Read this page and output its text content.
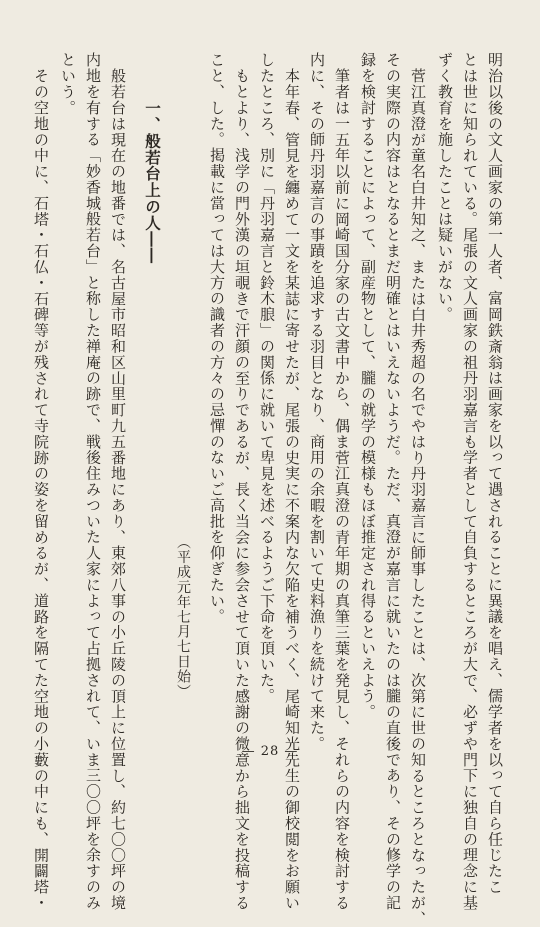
明治以後の文人画家の第一人者、富岡鉄斎翁は画家を以って遇されることに異議を唱え、儒学者を以って自ら任じたこ
とは世に知られている。尾張の文人画家の祖丹羽嘉言も学者として自負するところが大で、必ずや門下に独自の理念に基
ずく教育を施したことは疑いがない。
菅江真澄が童名白井知之、または白井秀超の名でやはり丹羽嘉言に師事したことは、次第に世の知るところとなったが、
その実際の内容はとなるとまだ明確とはいえないようだ。ただ、真澄が嘉言に就いたのは朧の直後であり、その修学の記
録を検討することによって、副産物として、朧の就学の模様もほぼ推定され得るといえよう。
筆者は一五年以前に岡崎国分家の古文書中から、偶ま菅江真澄の青年期の真筆三葉を発見し、それらの内容を検討する
内に、その師丹羽嘉言の事蹟を追求する羽目となり、商用の余暇を割いて史料漁りを続けて来た。
本年春、管見を纏めて一文を某誌に寄せたが、尾張の史実に不案内な欠陥を補うべく、尾崎知光先生の御校閲をお願い
したところ、別に「丹羽嘉言と鈴木朖」の関係に就いて卑見を述べるようご下命を頂いた。
もとより、浅学の門外漢の垣覗きで汗顔の至りであるが、長く当会に参会させて頂いた感謝の微意から拙文を投稿する
こと、した。掲載に當っては大方の識者の方々の忌憚のないご高批を仰ぎたい。
（平成元年七月七日始）
一、般若台上の人――
般若台は現在の地番では、名古屋市昭和区山里町九五番地にあり、東郊八事の小丘陵の頂上に位置し、約七〇〇坪の境
内地を有する「妙香城般若台」と称した禅庵の跡で、戦後住みついた人家によって占拠されて、いま三〇〇坪を余すのみ
という。
その空地の中に、石塔・石仏・石碑等が残されて寺院跡の姿を留めるが、道路を隔てた空地の小藪の中にも、開闢塔・	— 28 —
